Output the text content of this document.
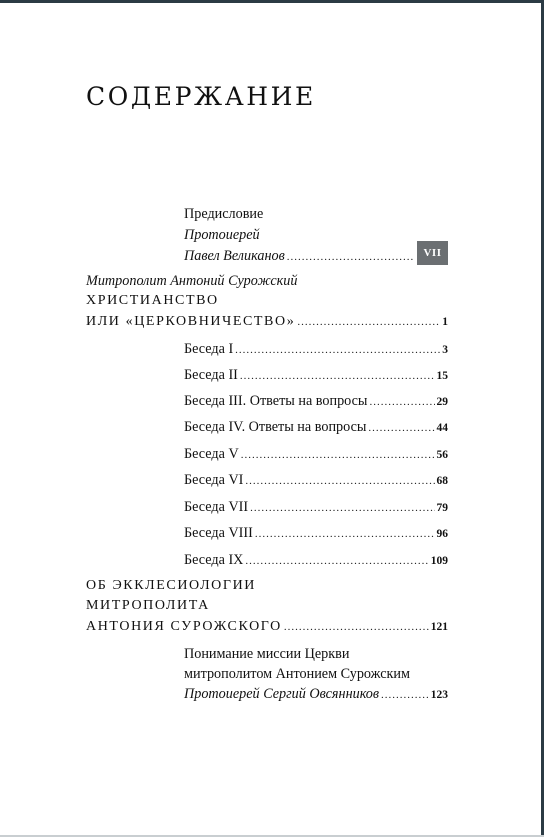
СОДЕРЖАНИЕ
Предисловие
Протоиерей
Павел Великанов .....	VII
Митрополит Антоний Сурожский
ХРИСТИАНСТВО
ИЛИ «ЦЕРКОВНИЧЕСТВО» .....	1
Беседа I .....	3
Беседа II .....	15
Беседа III. Ответы на вопросы .....	29
Беседа IV. Ответы на вопросы .....	44
Беседа V .....	56
Беседа VI .....	68
Беседа VII .....	79
Беседа VIII .....	96
Беседа IX .....	109
ОБ ЭККЛЕСИОЛОГИИ
МИТРОПОЛИТА
АНТОНИЯ СУРОЖСКОГО .....	121
Понимание миссии Церкви
митрополитом Антонием Сурожским
Протоиерей Сергий Овсянников .....	123
